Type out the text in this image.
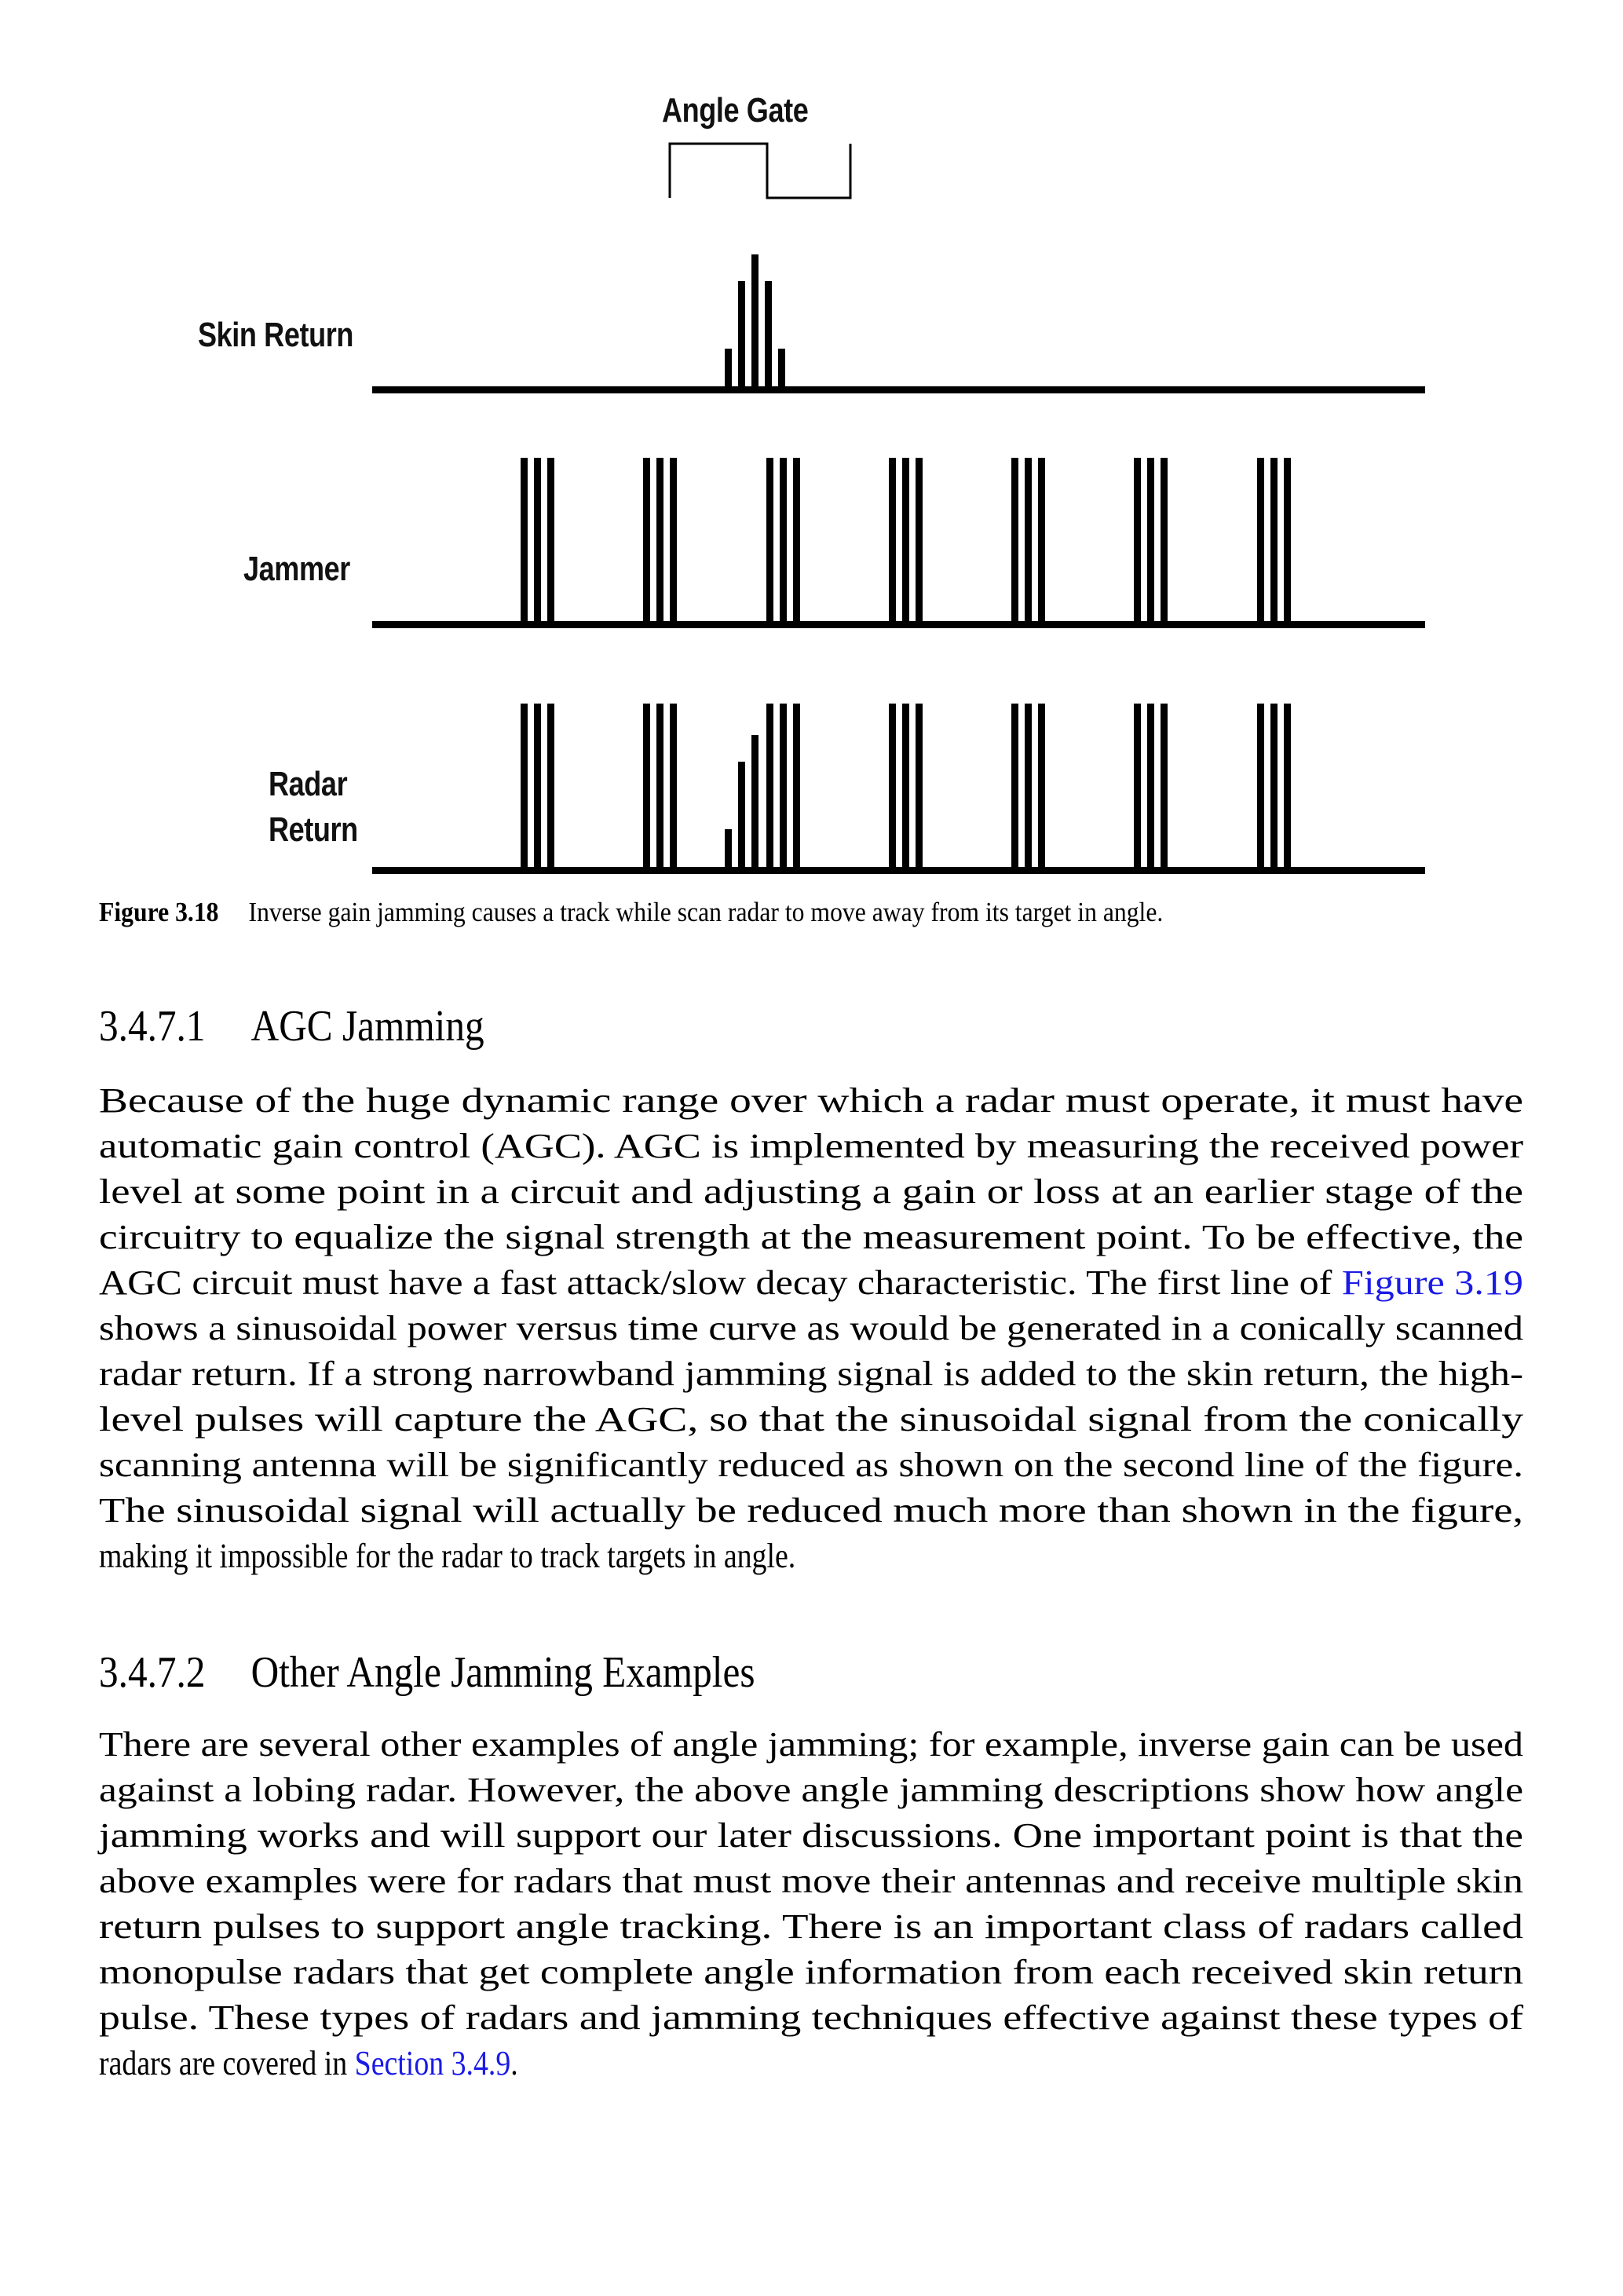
Angle Gate
Skin Return
Jammer
Radar
Return
Figure 3.18 Inverse gain jamming causes a track while scan radar to move away from its target in angle.
3.4.7.1 AGC Jamming
Because of the huge dynamic range over which a radar must operate, it must have
automatic gain control (AGC). AGC is implemented by measuring the received power
level at some point in a circuit and adjusting a gain or loss at an earlier stage of the
circuitry to equalize the signal strength at the measurement point. To be effective, the
AGC circuit must have a fast attack/slow decay characteristic. The first line of Figure 3.19
shows a sinusoidal power versus time curve as would be generated in a conically scanned
radar return. If a strong narrowband jamming signal is added to the skin return, the high-
level pulses will capture the AGC, so that the sinusoidal signal from the conically
scanning antenna will be significantly reduced as shown on the second line of the figure.
The sinusoidal signal will actually be reduced much more than shown in the figure,
making it impossible for the radar to track targets in angle.
3.4.7.2 Other Angle Jamming Examples
There are several other examples of angle jamming; for example, inverse gain can be used
against a lobing radar. However, the above angle jamming descriptions show how angle
jamming works and will support our later discussions. One important point is that the
above examples were for radars that must move their antennas and receive multiple skin
return pulses to support angle tracking. There is an important class of radars called
monopulse radars that get complete angle information from each received skin return
pulse. These types of radars and jamming techniques effective against these types of
radars are covered in Section 3.4.9.
